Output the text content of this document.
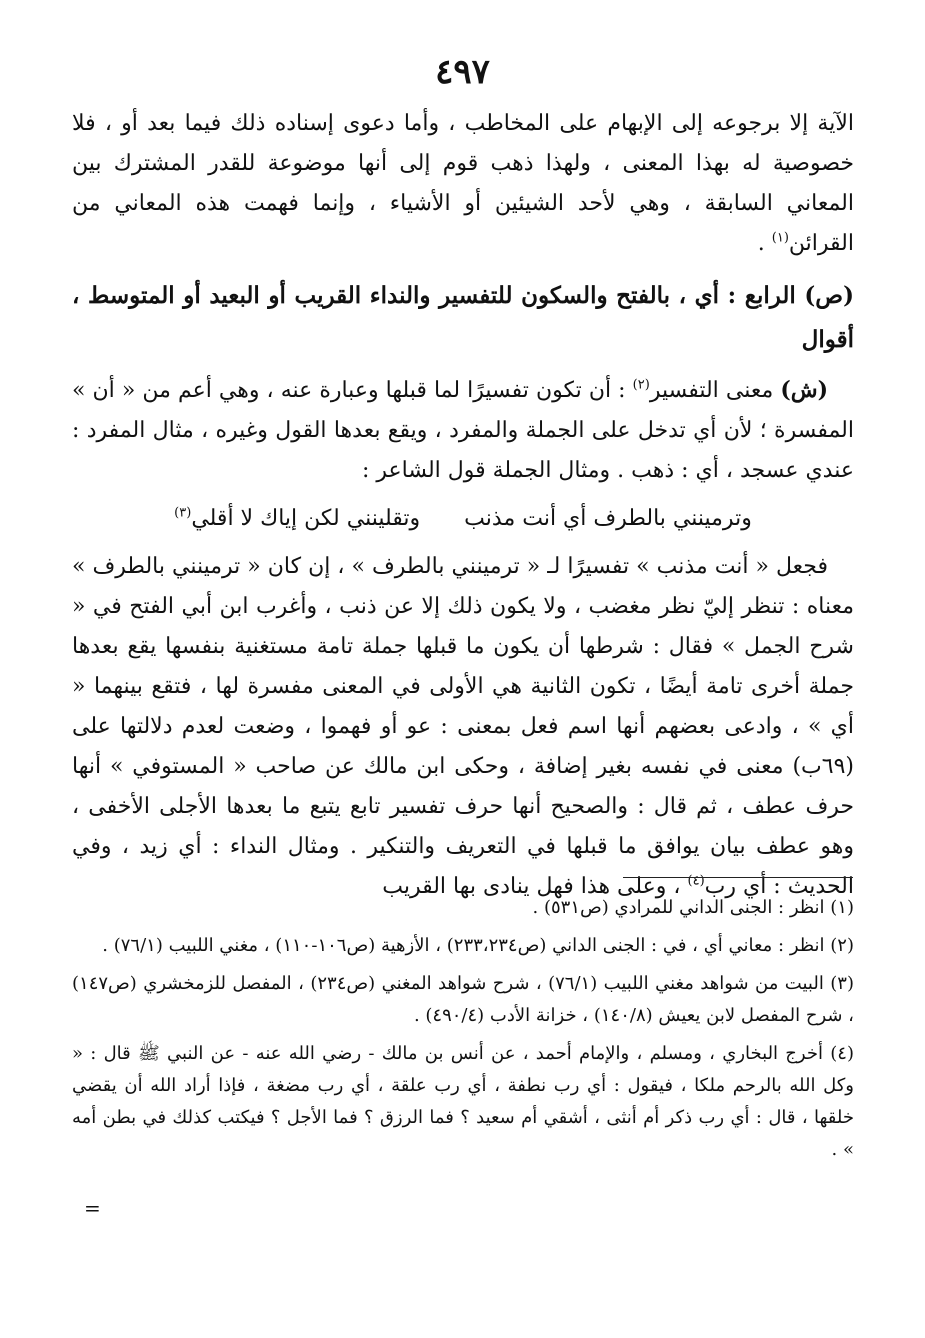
٤٩٧

الآية إلا برجوعه إلى الإبهام على المخاطب ، وأما دعوى إسناده ذلك فيما بعد أو ، فلا خصوصية له بهذا المعنى ، ولهذا ذهب قوم إلى أنها موضوعة للقدر المشترك بين المعاني السابقة ، وهي لأحد الشيئين أو الأشياء ، وإنما فهمت هذه المعاني من القرائن$^{(١)}$ .

(ص) الرابع : أي ، بالفتح والسكون للتفسير والنداء القريب أو البعيد أو المتوسط ، أقوال

(ش) معنى التفسير$^{(٢)}$ : أن تكون تفسيرًا لما قبلها وعبارة عنه ، وهي أعم من « أن » المفسرة ؛ لأن أي تدخل على الجملة والمفرد ، ويقع بعدها القول وغيره ، مثال المفرد : عندي عسجد ، أي : ذهب . ومثال الجملة قول الشاعر :

وترمينني بالطرف أي أنت مذنب
وتقلينني لكن إياك لا أقلي$^{(٣)}$

فجعل « أنت مذنب » تفسيرًا لـ « ترمينني بالطرف » ، إن كان « ترمينني بالطرف » معناه : تنظر إليّ نظر مغضب ، ولا يكون ذلك إلا عن ذنب ، وأغرب ابن أبي الفتح في « شرح الجمل » فقال : شرطها أن يكون ما قبلها جملة تامة مستغنية بنفسها يقع بعدها جملة أخرى تامة أيضًا ، تكون الثانية هي الأولى في المعنى مفسرة لها ، فتقع بينهما « أي » ، وادعى بعضهم أنها اسم فعل بمعنى : عو أو فهموا ، وضعت لعدم دلالتها على (٦٩ب) معنى في نفسه بغير إضافة ، وحكى ابن مالك عن صاحب « المستوفي » أنها حرف عطف ، ثم قال : والصحيح أنها حرف تفسير تابع يتبع ما بعدها الأجلى الأخفى ، وهو عطف بيان يوافق ما قبلها في التعريف والتنكير . ومثال النداء : أي زيد ، وفي الحديث : أي رب$^{(٤)}$ ، وعلى هذا فهل ينادى بها القريب

(١) انظر : الجنى الداني للمرادي (ص٥٣١) .

(٢) انظر : معاني أي ، في : الجنى الداني (ص٢٣٣،٢٣٤) ، الأزهية (ص١٠٦-١١٠) ، مغني اللبيب (٧٦/١) .

(٣) البيت من شواهد مغني اللبيب (٧٦/١) ، شرح شواهد المغني (ص٢٣٤) ، المفصل للزمخشري (ص١٤٧) ، شرح المفصل لابن يعيش (١٤٠/٨) ، خزانة الأدب (٤٩٠/٤) .

(٤) أخرج البخاري ، ومسلم ، والإمام أحمد ، عن أنس بن مالك - رضي الله عنه - عن النبي ﷺ قال : « وكل الله بالرحم ملكا ، فيقول : أي رب نطفة ، أي رب علقة ، أي رب مضغة ، فإذا أراد الله أن يقضي خلقها ، قال : أي رب ذكر أم أنثى ، أشقي أم سعيد ؟ فما الرزق ؟ فما الأجل ؟ فيكتب كذلك في بطن أمه » .

=
